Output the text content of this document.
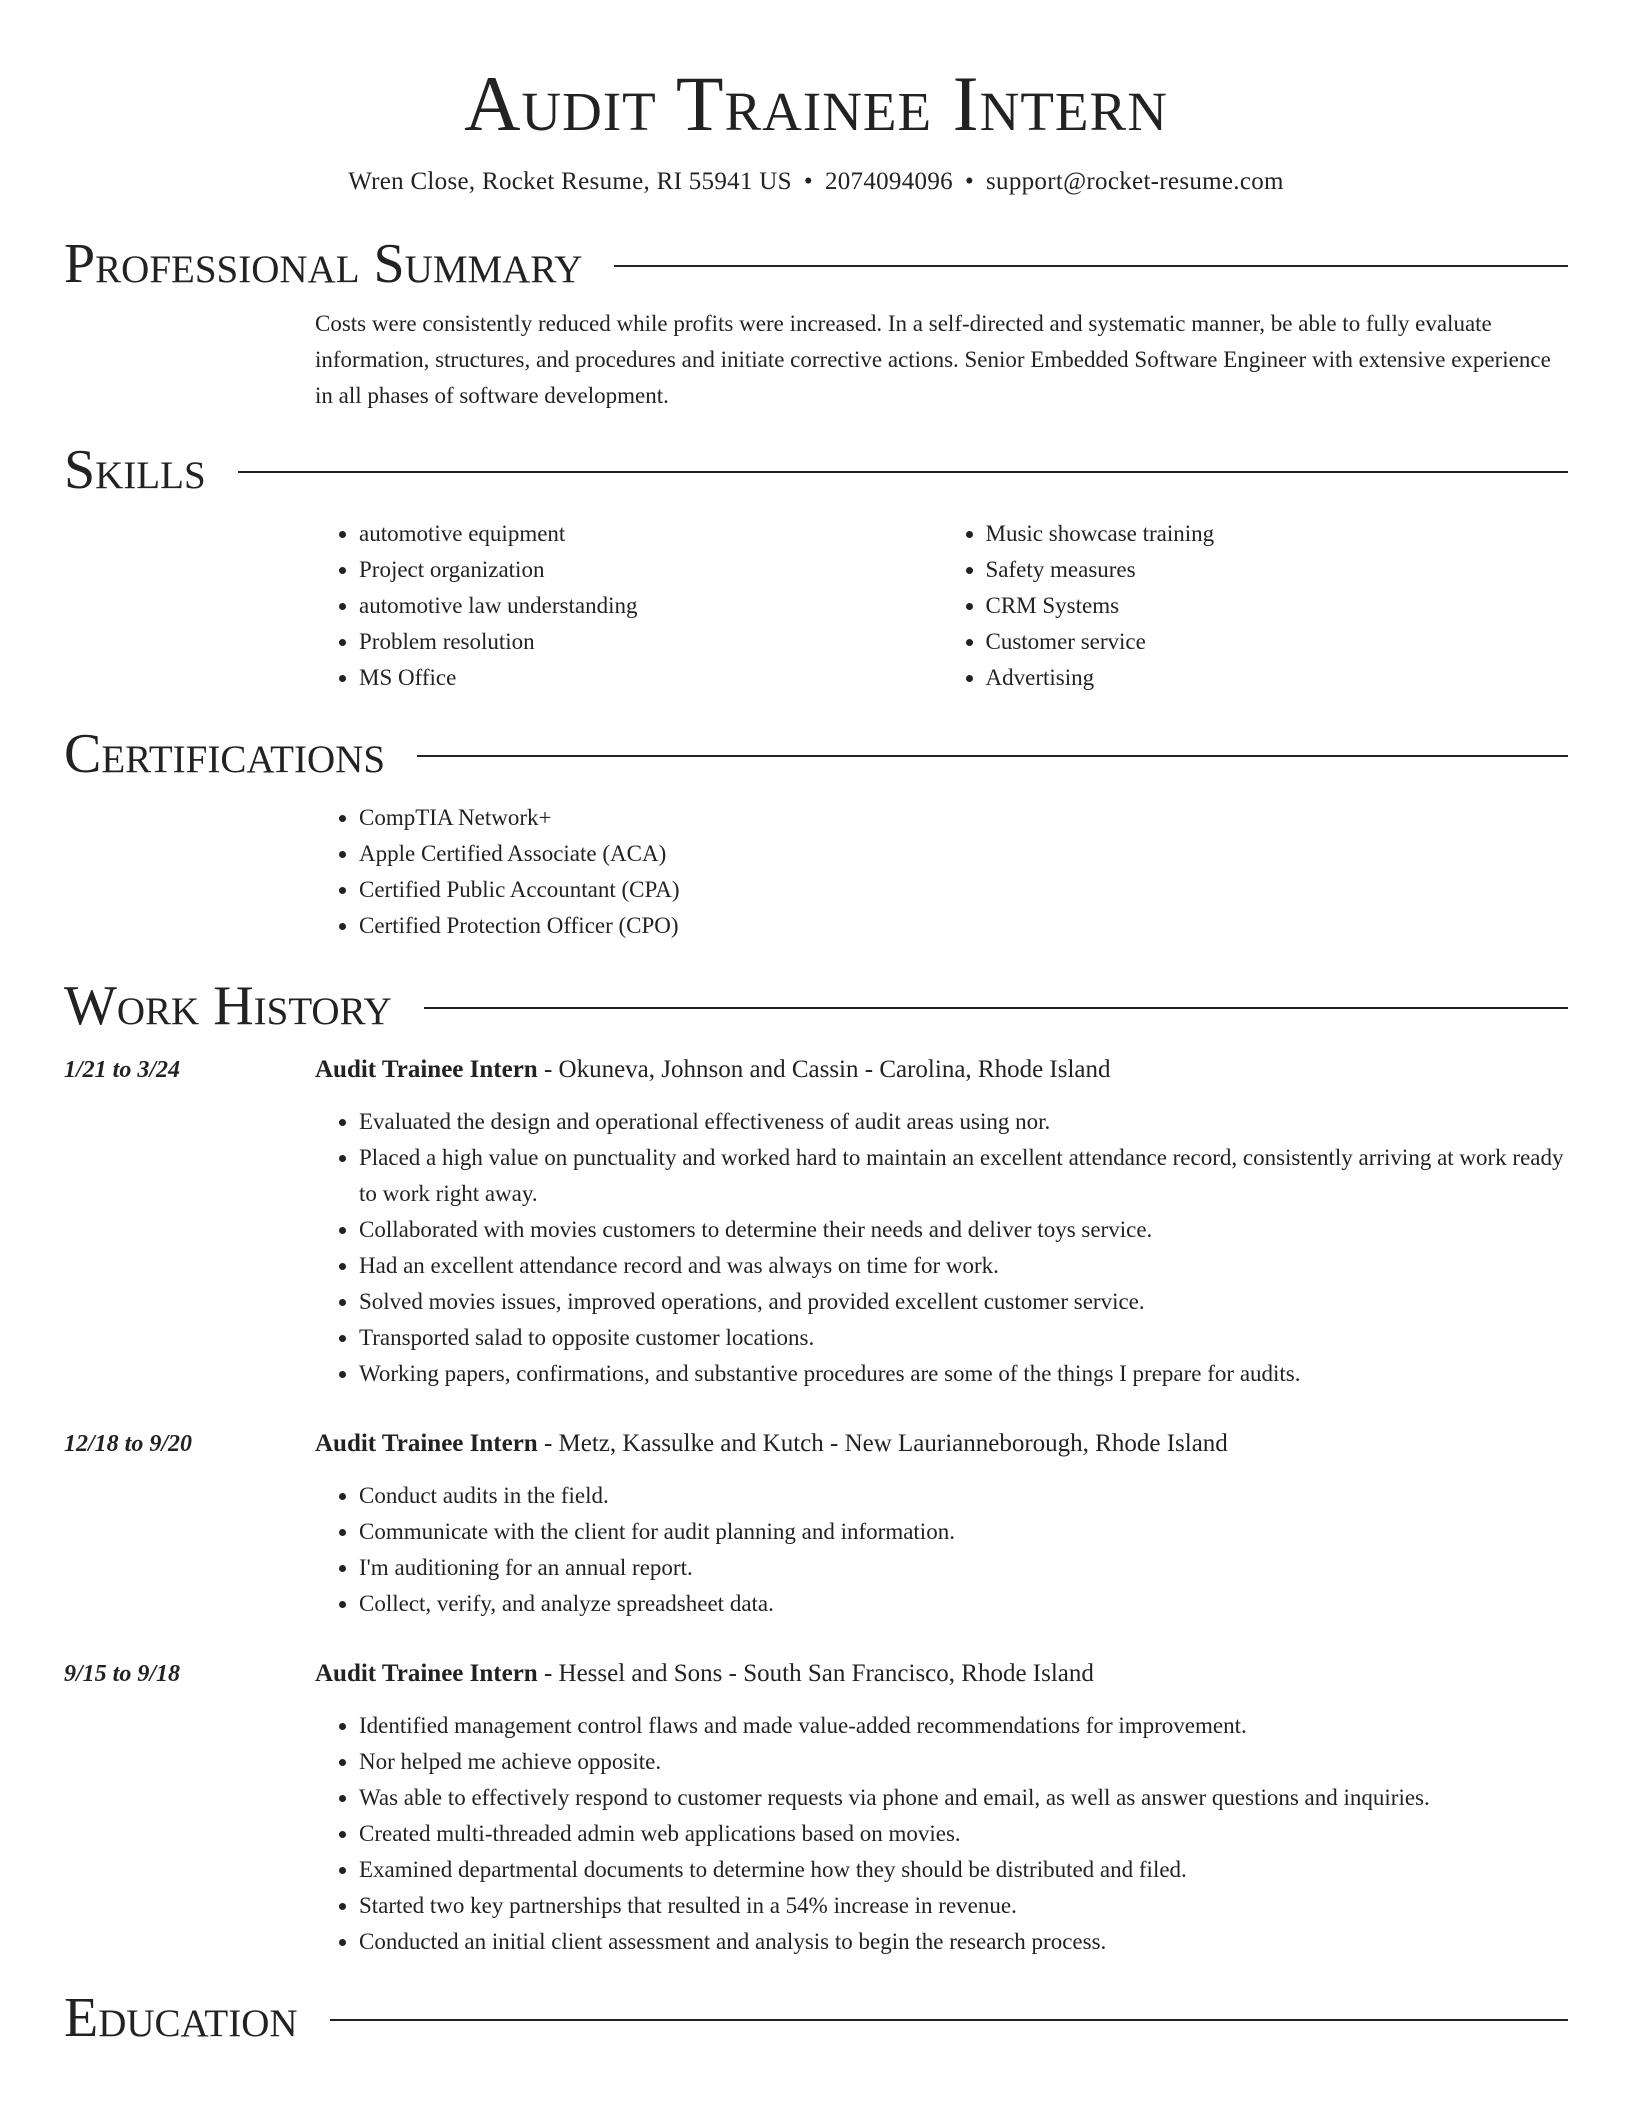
Audit Trainee Intern
Wren Close, Rocket Resume, RI 55941 US • 2074094096 • support@rocket-resume.com
Professional Summary
Costs were consistently reduced while profits were increased. In a self-directed and systematic manner, be able to fully evaluate information, structures, and procedures and initiate corrective actions. Senior Embedded Software Engineer with extensive experience in all phases of software development.
Skills
• automotive equipment
• Project organization
• automotive law understanding
• Problem resolution
• MS Office
• Music showcase training
• Safety measures
• CRM Systems
• Customer service
• Advertising
Certifications
• CompTIA Network+
• Apple Certified Associate (ACA)
• Certified Public Accountant (CPA)
• Certified Protection Officer (CPO)
Work History
1/21 to 3/24	Audit Trainee Intern - Okuneva, Johnson and Cassin - Carolina, Rhode Island
• Evaluated the design and operational effectiveness of audit areas using nor.
• Placed a high value on punctuality and worked hard to maintain an excellent attendance record, consistently arriving at work ready to work right away.
• Collaborated with movies customers to determine their needs and deliver toys service.
• Had an excellent attendance record and was always on time for work.
• Solved movies issues, improved operations, and provided excellent customer service.
• Transported salad to opposite customer locations.
• Working papers, confirmations, and substantive procedures are some of the things I prepare for audits.
12/18 to 9/20	Audit Trainee Intern - Metz, Kassulke and Kutch - New Laurianneborough, Rhode Island
• Conduct audits in the field.
• Communicate with the client for audit planning and information.
• I'm auditioning for an annual report.
• Collect, verify, and analyze spreadsheet data.
9/15 to 9/18	Audit Trainee Intern - Hessel and Sons - South San Francisco, Rhode Island
• Identified management control flaws and made value-added recommendations for improvement.
• Nor helped me achieve opposite.
• Was able to effectively respond to customer requests via phone and email, as well as answer questions and inquiries.
• Created multi-threaded admin web applications based on movies.
• Examined departmental documents to determine how they should be distributed and filed.
• Started two key partnerships that resulted in a 54% increase in revenue.
• Conducted an initial client assessment and analysis to begin the research process.
Education
